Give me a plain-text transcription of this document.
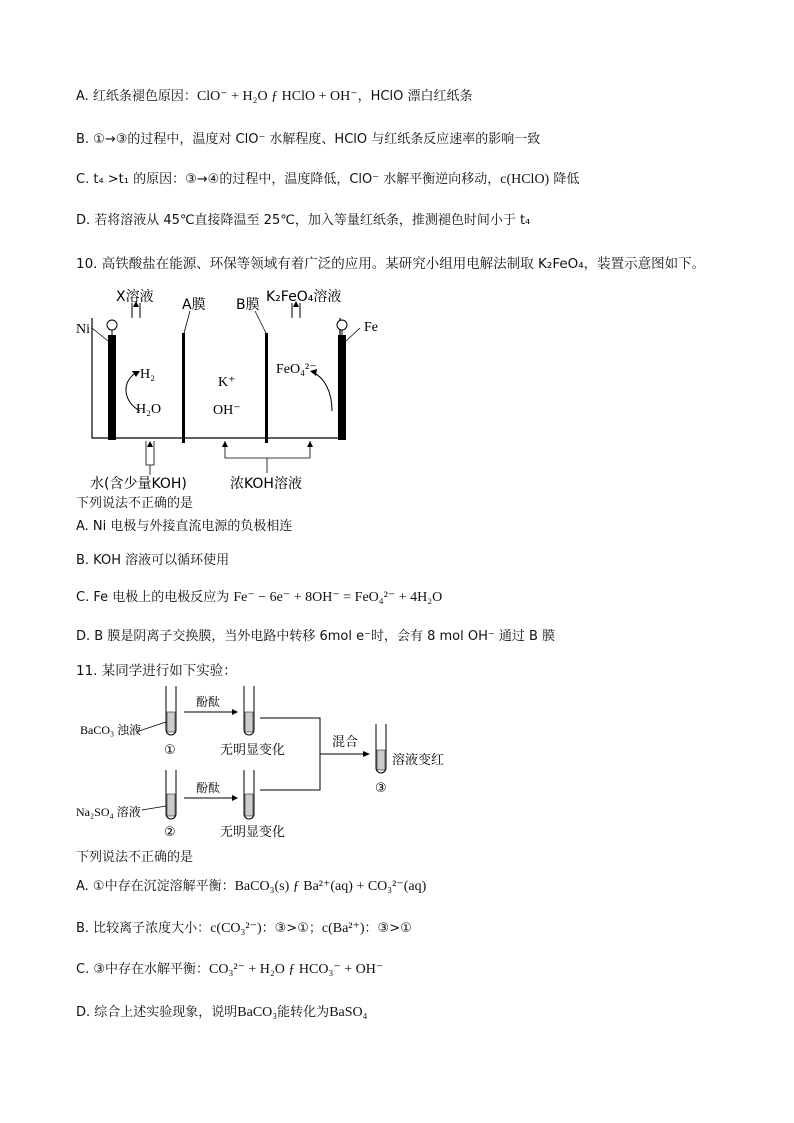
A. 红纸条褪色原因：ClO⁻ + H₂O ƒ HClO + OH⁻，HClO 漂白红纸条
B. ①→③的过程中，温度对 ClO⁻ 水解程度、HClO 与红纸条反应速率的影响一致
C. t₄ >t₁ 的原因：③→④的过程中，温度降低，ClO⁻ 水解平衡逆向移动，c(HClO) 降低
D. 若将溶液从 45℃直接降温至 25℃，加入等量红纸条，推测褪色时间小于 t₄
10. 高铁酸盐在能源、环保等领域有着广泛的应用。某研究小组用电解法制取 K₂FeO₄，装置示意图如下。
X溶液 A膜 B膜 K₂FeO₄溶液
Ni	Fe
H₂
H₂O
K⁺
OH⁻
FeO₄²⁻
水(含少量KOH)	浓KOH溶液
下列说法不正确的是
A. Ni 电极与外接直流电源的负极相连
B. KOH 溶液可以循环使用
C. Fe 电极上的电极反应为 Fe⁻ − 6e⁻ + 8OH⁻ = FeO₄²⁻ + 4H₂O
D. B 膜是阴离子交换膜，当外电路中转移 6mol e⁻时，会有 8 mol OH⁻ 通过 B 膜
11. 某同学进行如下实验：
BaCO₃ 浊液
酚酞
酚酞
无明显变化
无明显变化
混合
溶液变红
Na₂SO₄ 溶液
①
②
③
下列说法不正确的是
A. ①中存在沉淀溶解平衡：BaCO₃(s) ƒ Ba²⁺(aq) + CO₃²⁻(aq)
B. 比较离子浓度大小：c(CO₃²⁻)：③>①；c(Ba²⁺)：③>①
C. ③中存在水解平衡：CO₃²⁻ + H₂O ƒ HCO₃⁻ + OH⁻
D. 综合上述实验现象，说明BaCO₃能转化为BaSO₄
